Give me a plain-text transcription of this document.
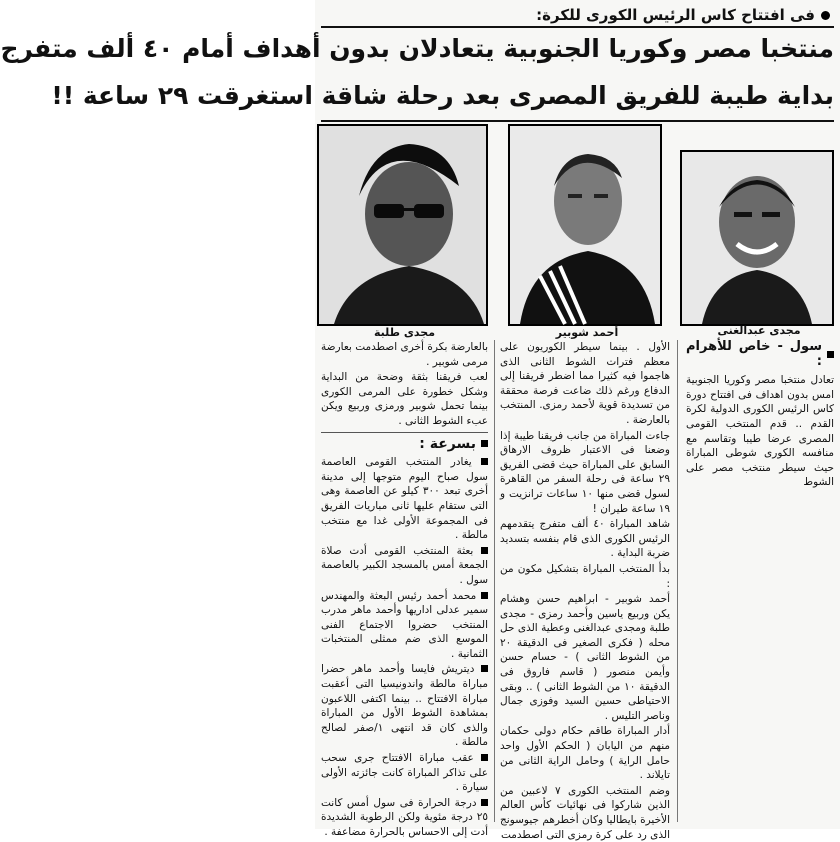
فى افتتاح كاس الرئيس الكورى للكرة:
منتخبا مصر وكوريا الجنوبية يتعادلان بدون أهداف أمام ٤٠ ألف متفرج
بداية طيبة للفريق المصرى بعد رحلة شاقة استغرقت ٢٩ ساعة !!
مجدى عبدالغنى
أحمد شوبير
مجدى طلبة
سول - خاص للأهرام :

تعادل منتخبا مصر وكوريا الجنوبية امس بدون اهداف فى افتتاح دورة كاس الرئيس الكورى الدولية لكرة القدم .. قدم المنتخب القومى المصرى عرضا طيبا وتقاسم مع منافسه الكورى شوطى المباراة حيث سيطر منتخب مصر على الشوط

الأول . بينما سيطر الكوريون على معظم فترات الشوط الثانى الذى هاجموا فيه كثيرا مما اضطر فريقنا إلى الدفاع ورغم ذلك ضاعت فرصة محققة من تسديدة قوية لأحمد رمزى. المنتخب بالعارضة .

جاءت المباراة من جانب فريقنا طيبة إذا وضعنا فى الاعتبار ظروف الارهاق السابق على المباراة حيث قضى الفريق ٢٩ ساعة فى رحلة السفر من القاهرة لسول قضى منها ١٠ ساعات ترانزيت و ١٩ ساعة طيران !

شاهد المباراة ٤٠ ألف متفرج يتقدمهم الرئيس الكورى الذى قام بنفسه بتسديد ضربة البداية .

بدأ المنتخب المباراة بتشكيل مكون من :

أحمد شوبير - ابراهيم حسن وهشام يكن وربيع ياسين وأحمد رمزى - مجدى طلبة ومجدى عبدالغنى وعطية الذى حل محله ( فكرى الصغير فى الدقيقة ٢٠ من الشوط الثانى ) - حسام حسن وأيمن منصور ( قاسم فاروق فى الدقيقة ١٠ من الشوط الثانى ) .. وبقى الاحتياطى حسين السيد وفوزى جمال وناصر التليس .

أدار المباراة طاقم حكام دولى حكمان منهم من اليابان ( الحكم الأول واحد حامل الراية ) وحامل الراية الثانى من تايلاند .

وضم المنتخب الكورى ٧ لاعبين من الذين شاركوا فى نهائيات كأس العالم الأخيرة بايطاليا وكان أخطرهم جيوسونج الذى رد على كرة رمزى التى اصطدمت

بالعارضة بكرة أخرى اصطدمت بعارضة مرمى شوبير .

لعب فريقنا بثقة وضحة من البداية وشكل خطورة على المرمى الكورى بينما تحمل شوبير ورمزى وربيع ويكن عبء الشوط الثانى .

بسرعة :

يغادر المنتخب القومى العاصمة سول صباح اليوم متوجها إلى مدينة أخرى تبعد ٣٠٠ كيلو عن العاصمة وهى التى ستقام عليها ثانى مباريات الفريق فى المجموعة الأولى غدا مع منتخب مالطة .

بعثة المنتخب القومى أدت صلاة الجمعة أمس بالمسجد الكبير بالعاصمة سول .

محمد أحمد رئيس البعثة والمهندس سمير عدلى اداريها وأحمد ماهر مدرب المنتخب حضروا الاجتماع الفنى الموسع الذى ضم ممثلى المنتخبات الثمانية .

ديتريش فايسا وأحمد ماهر حضرا مباراة مالطة واندونيسيا التى أعقبت مباراة الافتتاح .. بينما اكتفى اللاعبون بمشاهدة الشوط الأول من المباراة والذى كان قد انتهى ١/صفر لصالح مالطة .

عقب مباراة الافتتاح جرى سحب على تذاكر المباراة كانت جائزته الأولى سيارة .

درجة الحرارة فى سول أمس كانت ٢٥ درجة مئوية ولكن الرطوبة الشديدة أدت إلى الاحساس بالحرارة مضاعفة .
